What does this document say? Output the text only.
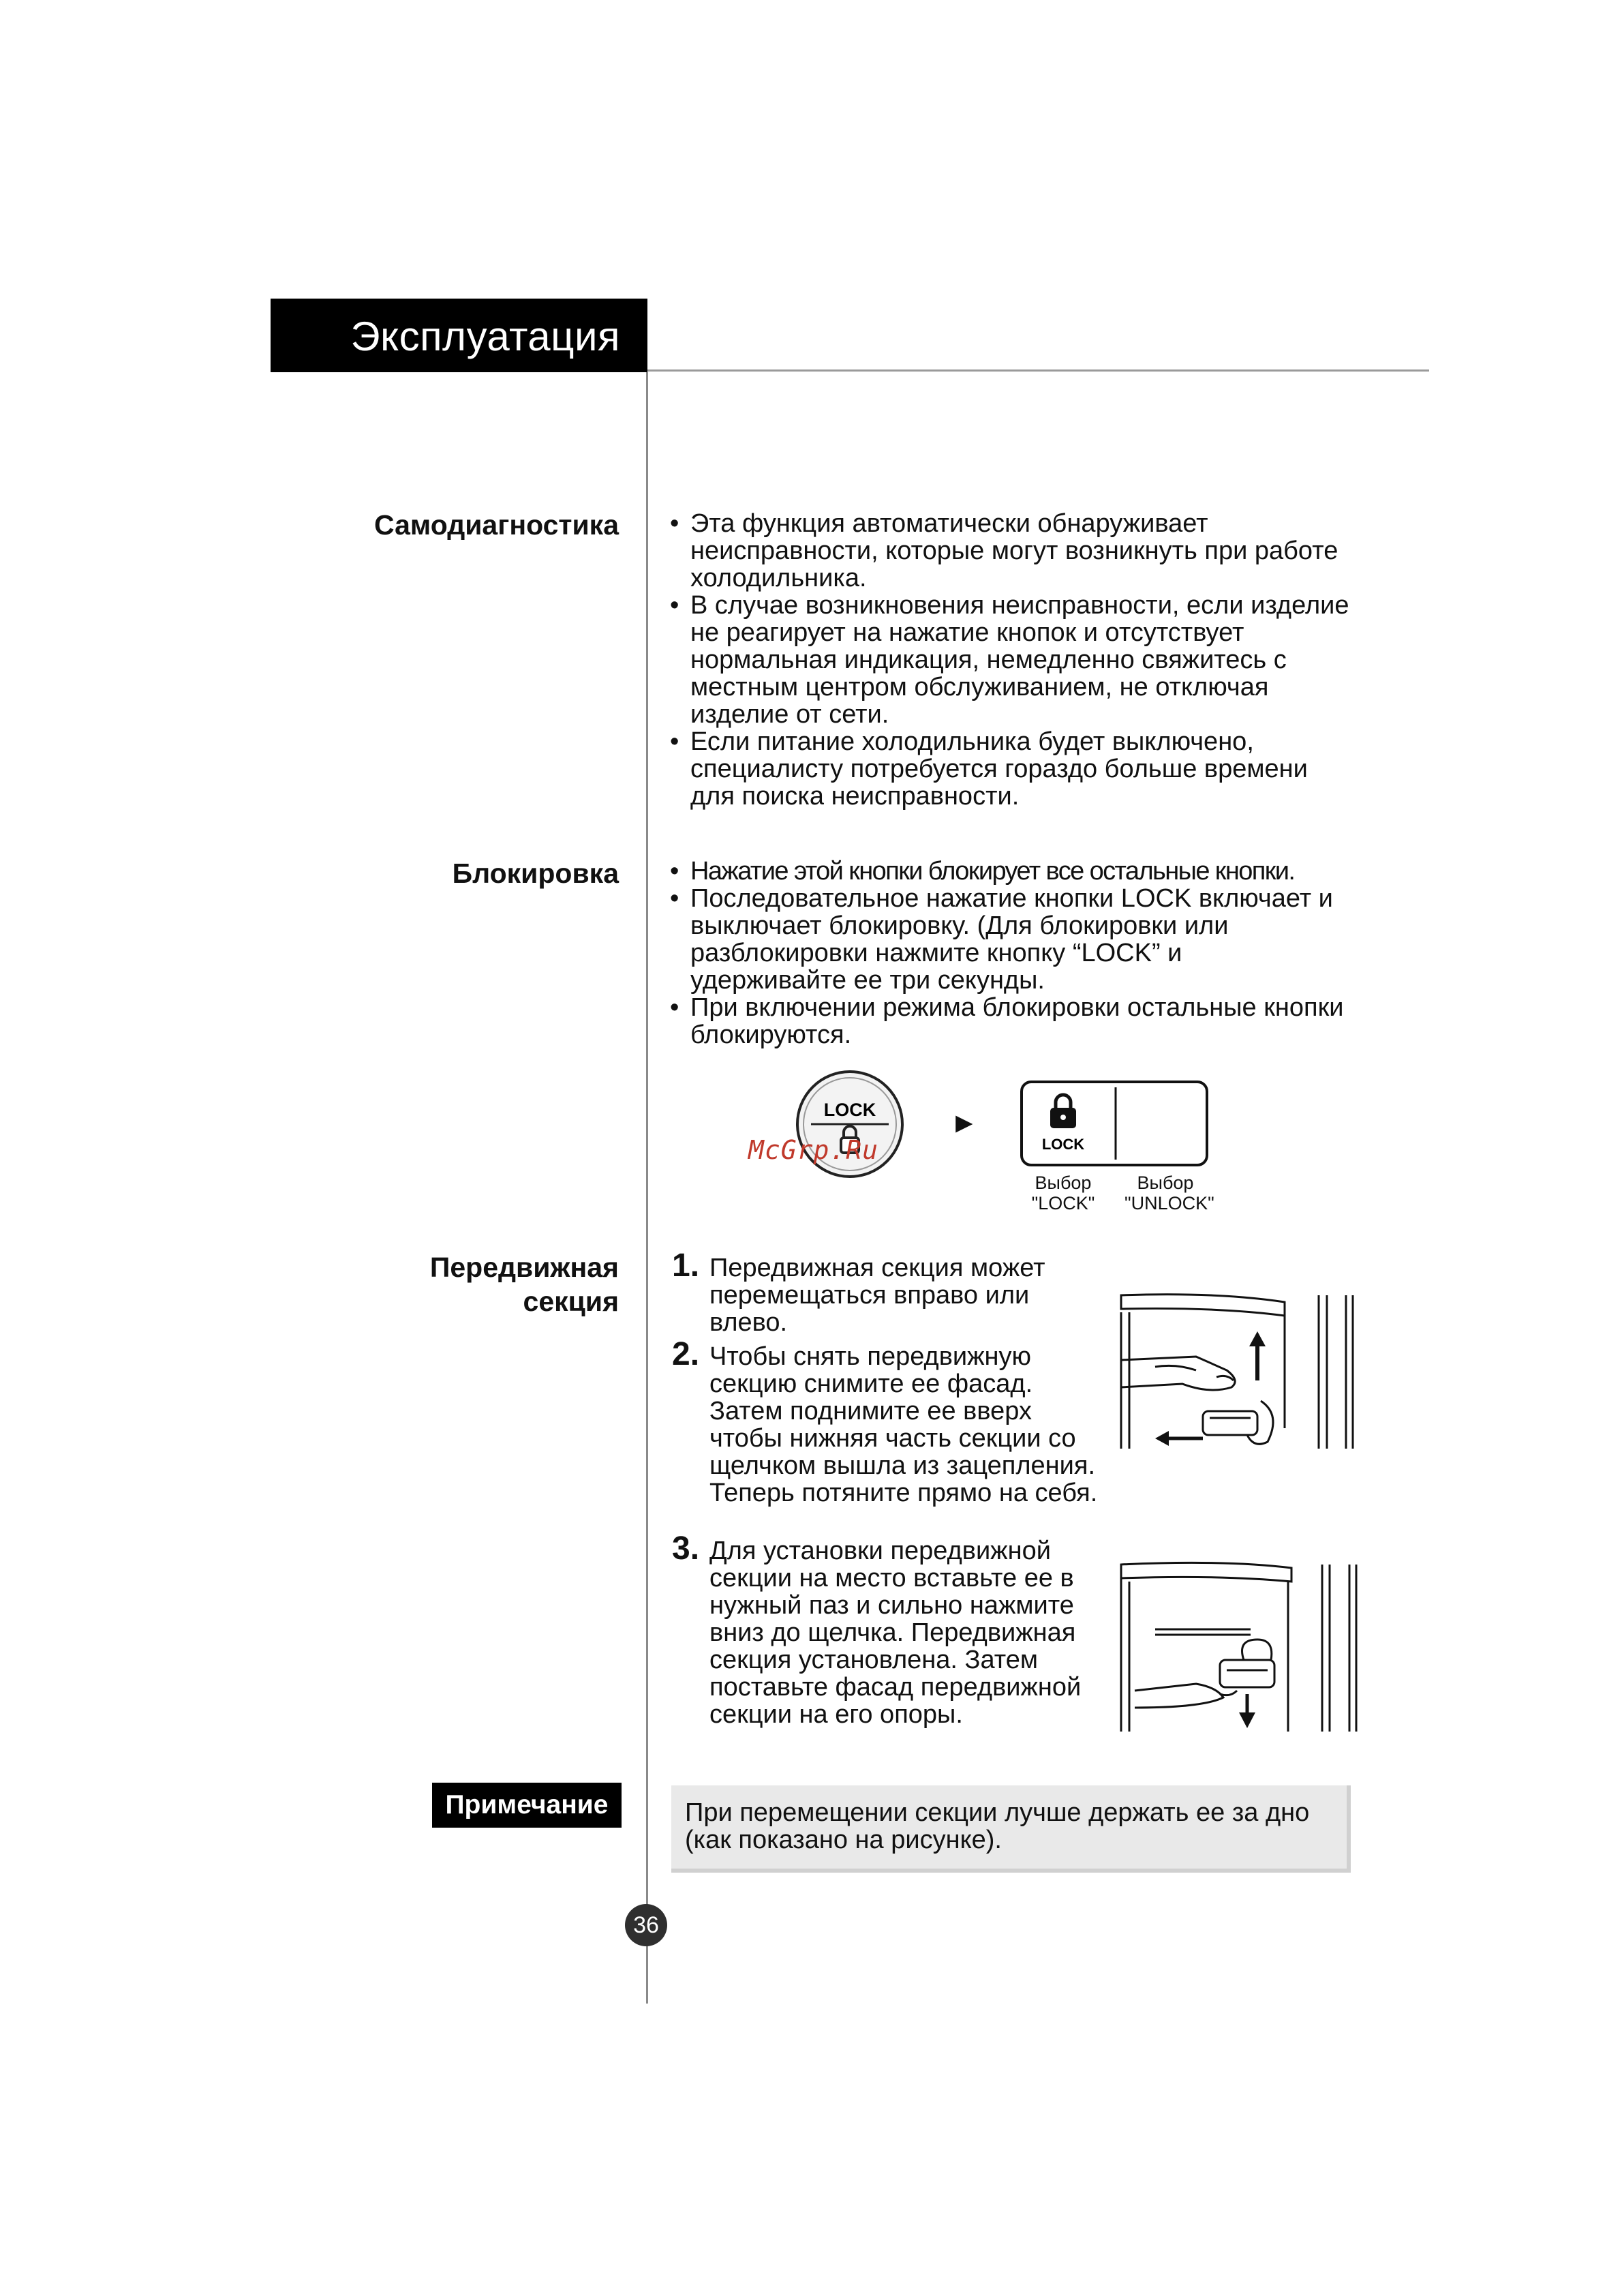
Эксплуатация
Самодиагностика	• Эта функция автоматически обнаруживает неисправности, которые могут возникнуть при работе холодильника.
• В случае возникновения неисправности, если изделие не реагирует на нажатие кнопок и отсутствует нормальная индикация, немедленно свяжитесь с местным центром обслуживанием, не отключая изделие от сети.
• Если питание холодильника будет выключено, специалисту потребуется гораздо больше времени для поиска неисправности.
Блокировка	• Нажатие этой кнопки блокирует все остальные кнопки.
• Последовательное нажатие кнопки LOCK включает и выключает блокировку. (Для блокировки или разблокировки нажмите кнопку “LOCK” и удерживайте ее три секунды.
• При включении режима блокировки остальные кнопки блокируются.
LOCK
McGrp.Ru
►
LOCK
Выбор
"LOCK"
Выбор
"UNLOCK"
Передвижная
секция
1. Передвижная секция может перемещаться вправо или влево.
2. Чтобы снять передвижную секцию снимите ее фасад. Затем поднимите ее вверх чтобы нижняя часть секции со щелчком вышла из зацепления. Теперь потяните прямо на себя.
3. Для установки передвижной секции на место вставьте ее в нужный паз и сильно нажмите вниз до щелчка. Передвижная секция установлена. Затем поставьте фасад передвижной секции на его опоры.
Примечание	При перемещении секции лучше держать ее за дно (как показано на рисунке).
36
